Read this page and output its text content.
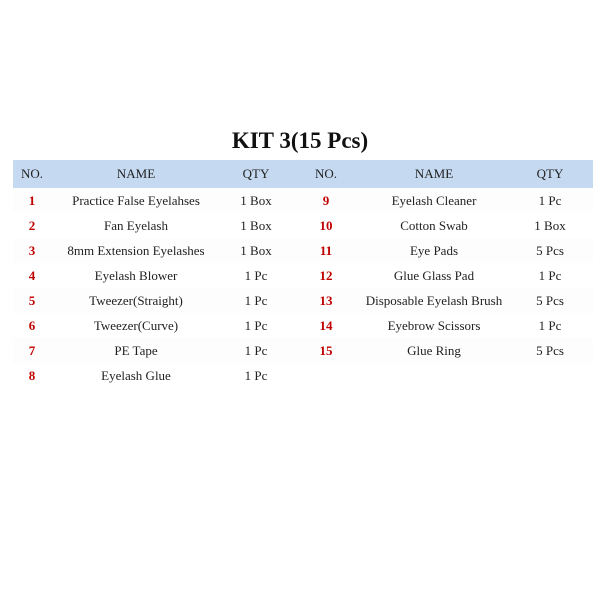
KIT 3(15 Pcs)
NO.	NAME	QTY	NO.	NAME	QTY
1	Practice False Eyelahses	1 Box	9	Eyelash Cleaner	1 Pc
2	Fan Eyelash	1 Box	10	Cotton Swab	1 Box
3	8mm Extension Eyelashes	1 Box	11	Eye Pads	5 Pcs
4	Eyelash Blower	1 Pc	12	Glue Glass Pad	1 Pc
5	Tweezer(Straight)	1 Pc	13	Disposable Eyelash Brush	5 Pcs
6	Tweezer(Curve)	1 Pc	14	Eyebrow Scissors	1 Pc
7	PE Tape	1 Pc	15	Glue Ring	5 Pcs
8	Eyelash Glue	1 Pc			
